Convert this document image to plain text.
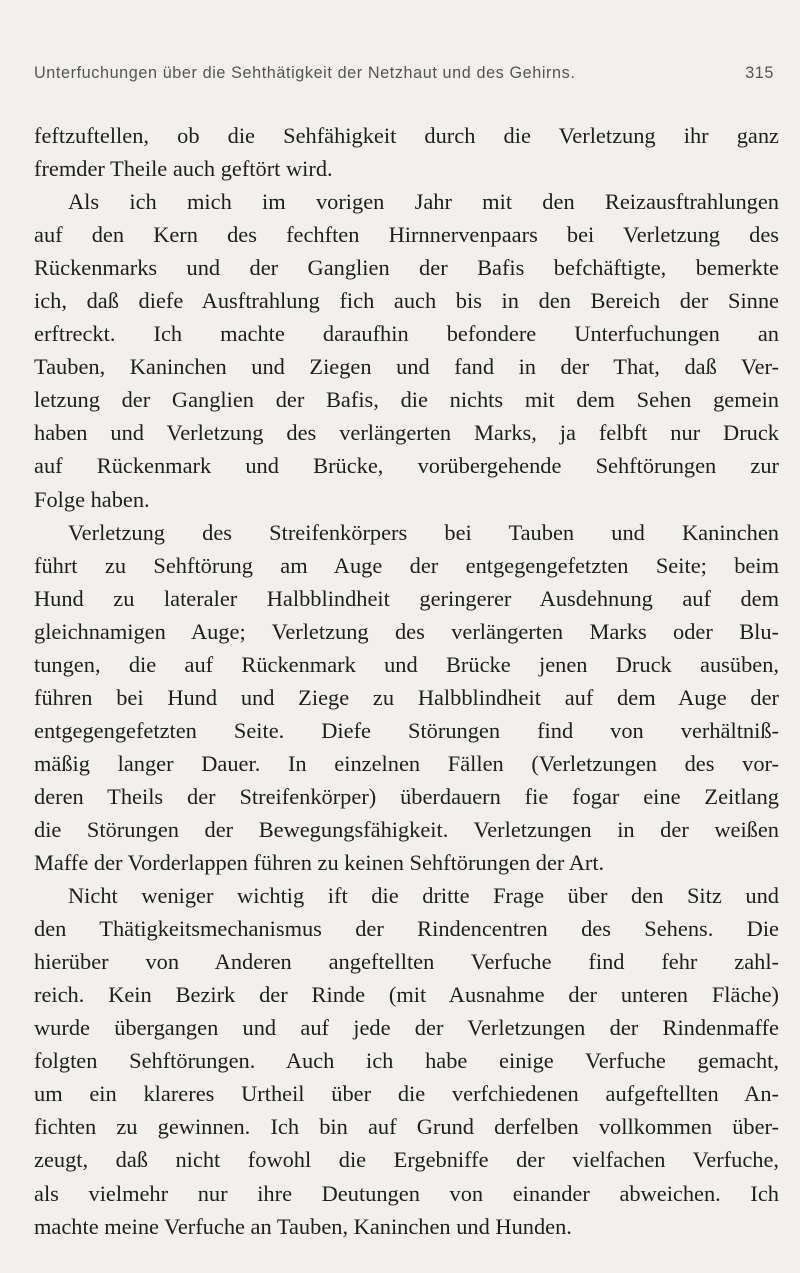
Unterfuchungen über die Sehthätigkeit der Netzhaut und des Gehirns.	315
feftzuftellen, ob die Sehfähigkeit durch die Verletzung ihr ganz
fremder Theile auch geftört wird.
Als ich mich im vorigen Jahr mit den Reizausftrahlungen
auf den Kern des fechften Hirnnervenpaars bei Verletzung des
Rückenmarks und der Ganglien der Bafis befchäftigte, bemerkte
ich, daß diefe Ausftrahlung fich auch bis in den Bereich der Sinne
erftreckt. Ich machte daraufhin befondere Unterfuchungen an
Tauben, Kaninchen und Ziegen und fand in der That, daß Ver-
letzung der Ganglien der Bafis, die nichts mit dem Sehen gemein
haben und Verletzung des verlängerten Marks, ja felbft nur Druck
auf Rückenmark und Brücke, vorübergehende Sehftörungen zur
Folge haben.
Verletzung des Streifenkörpers bei Tauben und Kaninchen
führt zu Sehftörung am Auge der entgegengefetzten Seite; beim
Hund zu lateraler Halbblindheit geringerer Ausdehnung auf dem
gleichnamigen Auge; Verletzung des verlängerten Marks oder Blu-
tungen, die auf Rückenmark und Brücke jenen Druck ausüben,
führen bei Hund und Ziege zu Halbblindheit auf dem Auge der
entgegengefetzten Seite. Diefe Störungen find von verhältniß-
mäßig langer Dauer. In einzelnen Fällen (Verletzungen des vor-
deren Theils der Streifenkörper) überdauern fie fogar eine Zeitlang
die Störungen der Bewegungsfähigkeit. Verletzungen in der weißen
Maffe der Vorderlappen führen zu keinen Sehftörungen der Art.
Nicht weniger wichtig ift die dritte Frage über den Sitz und
den Thätigkeitsmechanismus der Rindencentren des Sehens. Die
hierüber von Anderen angeftellten Verfuche find fehr zahl-
reich. Kein Bezirk der Rinde (mit Ausnahme der unteren Fläche)
wurde übergangen und auf jede der Verletzungen der Rindenmaffe
folgten Sehftörungen. Auch ich habe einige Verfuche gemacht,
um ein klareres Urtheil über die verfchiedenen aufgeftellten An-
fichten zu gewinnen. Ich bin auf Grund derfelben vollkommen über-
zeugt, daß nicht fowohl die Ergebniffe der vielfachen Verfuche,
als vielmehr nur ihre Deutungen von einander abweichen. Ich
machte meine Verfuche an Tauben, Kaninchen und Hunden.
